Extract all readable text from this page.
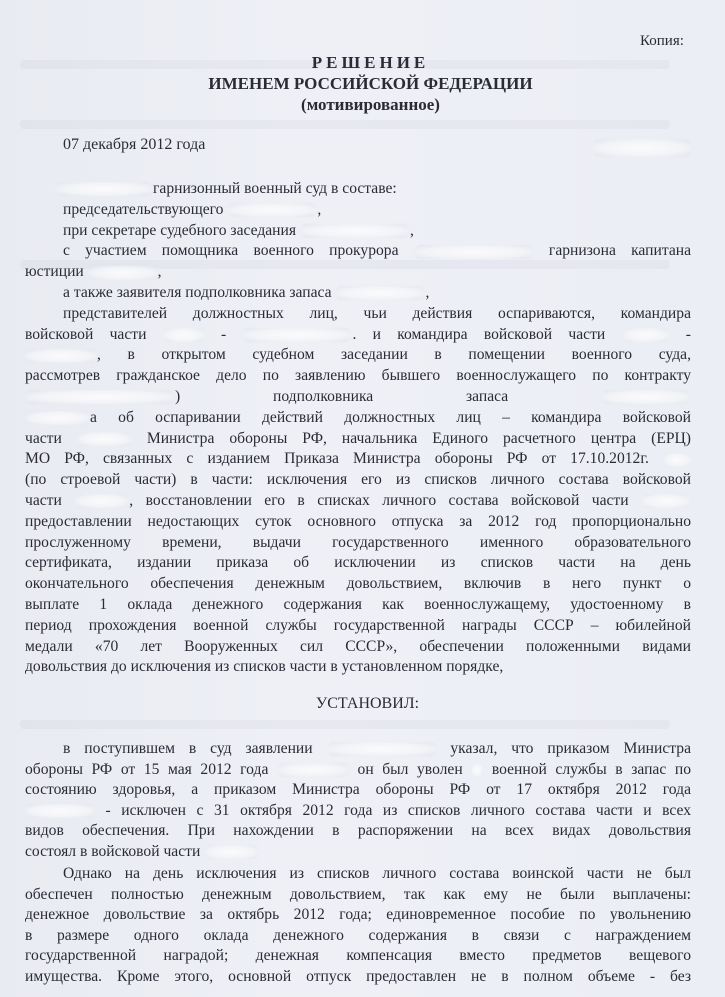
Копия:
РЕШЕНИЕ
ИМЕНЕМ РОССИЙСКОЙ ФЕДЕРАЦИИ
(мотивированное)
07 декабря 2012 года
гарнизонный военный суд в составе:
председательствующего	,
при секретаре судебного заседания	,
с участием помощника военного прокурора	гарнизона капитана
юстиции	,
а также заявителя подполковника запаса	,
представителей должностных лиц, чьи действия оспариваются, командира
войсковой части	-	. и командира войсковой части	-
, в открытом судебном заседании в помещении военного суда,
рассмотрев гражданское дело по заявлению бывшего военнослужащего по контракту
) подполковника запаса
а об оспаривании действий должностных лиц – командира войсковой
части	Министра обороны РФ, начальника Единого расчетного центра (ЕРЦ)
МО РФ, связанных с изданием Приказа Министра обороны РФ от 17.10.2012г.
(по строевой части) в части: исключения его из списков личного состава войсковой
части	, восстановлении его в списках личного состава войсковой части
предоставлении недостающих суток основного отпуска за 2012 год пропорционально
прослуженному времени, выдачи государственного именного образовательного
сертификата, издании приказа об исключении из списков части на день
окончательного обеспечения денежным довольствием, включив в него пункт о
выплате 1 оклада денежного содержания как военнослужащему, удостоенному в
период прохождения военной службы государственной награды СССР – юбилейной
медали «70 лет Вооруженных сил СССР», обеспечении положенными видами
довольствия до исключения из списков части в установленном порядке,
УСТАНОВИЛ:
в поступившем в суд заявлении	указал, что приказом Министра
обороны РФ от 15 мая 2012 года	он был уволен  военной службы в запас по
состоянию здоровья, а приказом Министра обороны РФ от 17 октября 2012 года
- исключен с 31 октября 2012 года из списков личного состава части и всех
видов обеспечения. При нахождении в распоряжении на всех видах довольствия
состоял в войсковой части
Однако на день исключения из списков личного состава воинской части не был
обеспечен полностью денежным довольствием, так как ему не были выплачены:
денежное довольствие за октябрь 2012 года; единовременное пособие по увольнению
в размере одного оклада денежного содержания в связи с награждением
государственной наградой; денежная компенсация вместо предметов вещевого
имущества. Кроме этого, основной отпуск предоставлен не в полном объеме - без
